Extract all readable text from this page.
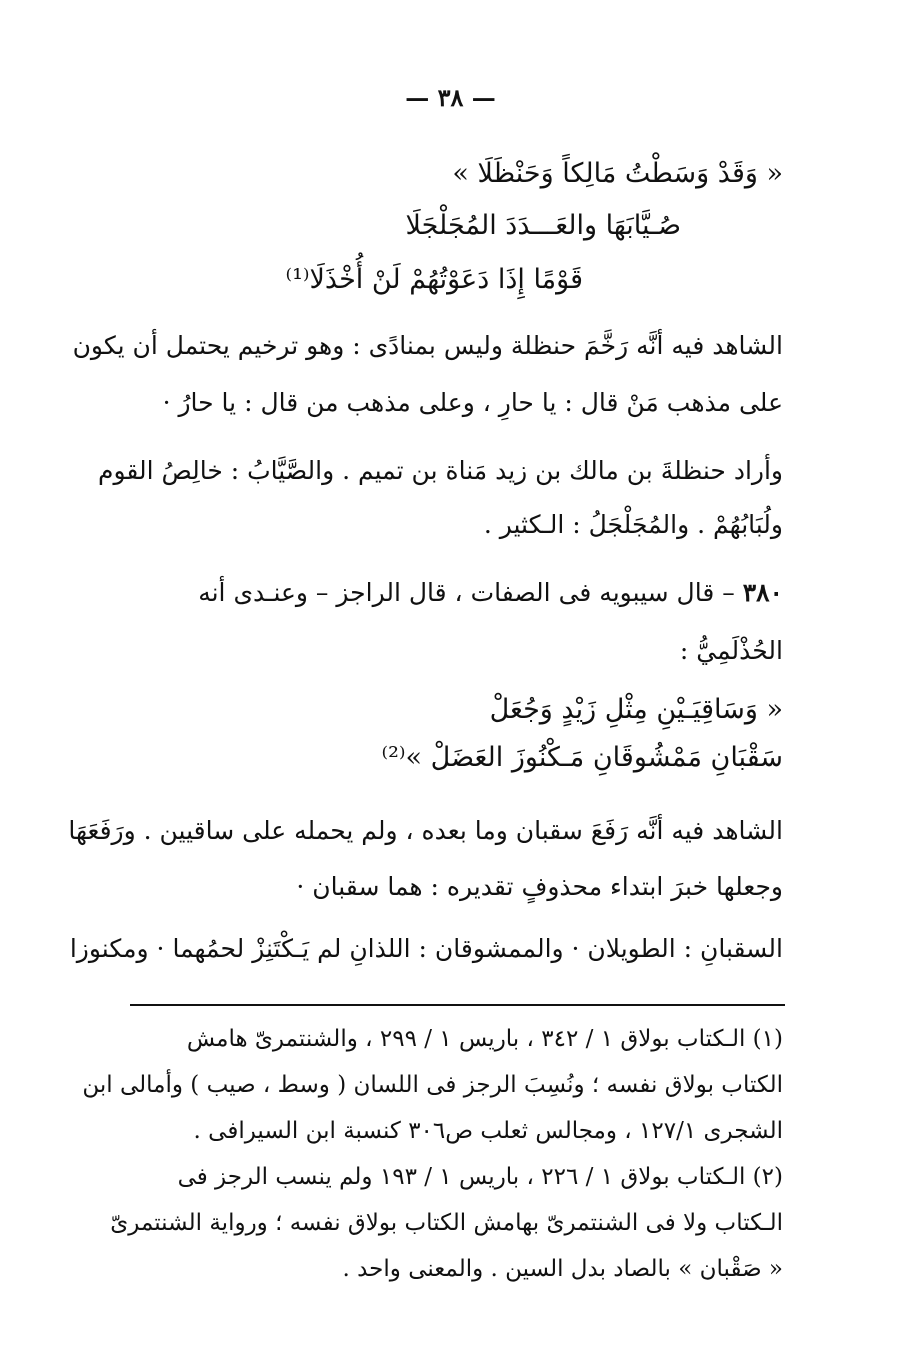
— ٣٨ —
« وَقَدْ وَسَطْتُ مَالِكاً وَحَنْظَلَا »
صُـيَّابَهَا والعَـــدَدَ المُجَلْجَلَا
قَوْمًا إِذَا دَعَوْتُهُمْ لَنْ أُخْذَلَا⁽¹⁾
الشاهد فيه أنَّه رَخَّمَ حنظلة وليس بمنادًى : وهو ترخيم يحتمل أن يكون
على مذهب مَنْ قال : يا حارِ ، وعلى مذهب من قال : يا حارُ ·
وأراد حنظلةَ بن مالك بن زيد مَناة بن تميم . والصَّيَّابُ : خالِصُ القوم
ولُبَابُهُمْ . والمُجَلْجَلُ : الـكثير .
٣٨٠ – قال سيبويه فى الصفات ، قال الراجز – وعنـدى أنه
الحُذْلَمِيُّ :
« وَسَاقِيَـيْنِ مِثْلِ زَيْدٍ وَجُعَلْ
سَقْبَانِ مَمْشُوقَانِ مَـكْنُوزَ العَضَلْ »⁽²⁾
الشاهد فيه أنَّه رَفَعَ سقبان وما بعده ، ولم يحمله على ساقيين . ورَفَعَهَا
وجعلها خبرَ ابتداء محذوفٍ تقديره : هما سقبان ·
السقبانِ : الطويلان · والممشوقان : اللذانِ لم يَـكْتَنِزْ لحمُهما · ومكنوزا
(١) الـكتاب بولاق ١ / ٣٤٢ ، باريس ١ / ٢٩٩ ، والشنتمرىّ هامش
الكتاب بولاق نفسه ؛ ونُسِبَ الرجز فى اللسان ( وسط ، صيب ) وأمالى ابن
الشجرى ١٢٧/١ ، ومجالس ثعلب ص٣٠٦ كنسبة ابن السيرافى .
(٢) الـكتاب بولاق ١ / ٢٢٦ ، باريس ١ / ١٩٣ ولم ينسب الرجز فى
الـكتاب ولا فى الشنتمرىّ بهامش الكتاب بولاق نفسه ؛ ورواية الشنتمرىّ
« صَقْبان » بالصاد بدل السين . والمعنى واحد .
